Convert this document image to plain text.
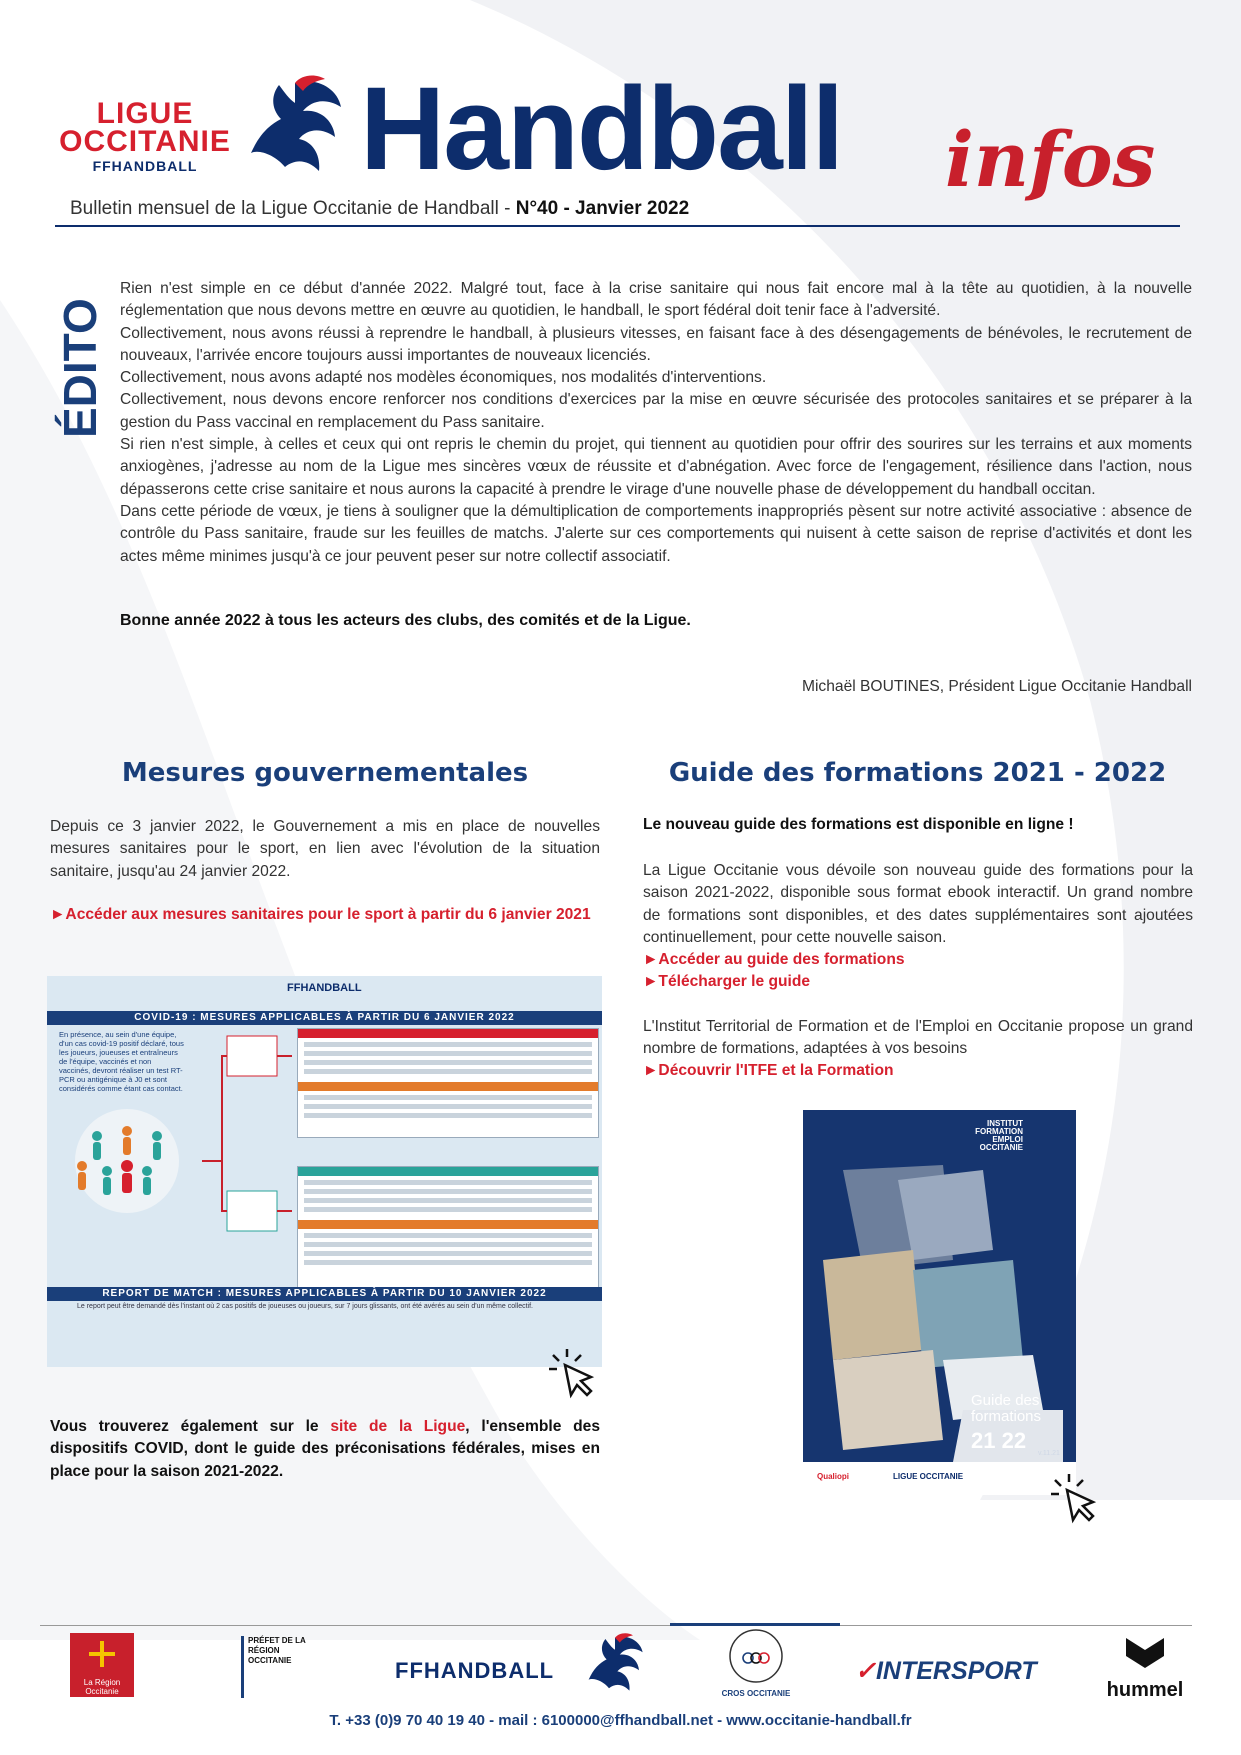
LIGUE
OCCITANIE
FFHANDBALL	Handball infos
Bulletin mensuel de la Ligue Occitanie de Handball - N°40 - Janvier 2022
ÉDITO

Rien n'est simple en ce début d'année 2022. Malgré tout, face à la crise sanitaire qui nous fait encore mal à la tête au quotidien, à la nouvelle réglementation que nous devons mettre en œuvre au quotidien, le handball, le sport fédéral doit tenir face à l'adversité.

Collectivement, nous avons réussi à reprendre le handball, à plusieurs vitesses, en faisant face à des désengagements de bénévoles, le recrutement de nouveaux, l'arrivée encore toujours aussi importantes de nouveaux licenciés.

Collectivement, nous avons adapté nos modèles économiques, nos modalités d'interventions.

Collectivement, nous devons encore renforcer nos conditions d'exercices par la mise en œuvre sécurisée des protocoles sanitaires et se préparer à la gestion du Pass vaccinal en remplacement du Pass sanitaire.

Si rien n'est simple, à celles et ceux qui ont repris le chemin du projet, qui tiennent au quotidien pour offrir des sourires sur les terrains et aux moments anxiogènes, j'adresse au nom de la Ligue mes sincères vœux de réussite et d'abnégation. Avec force de l'engagement, résilience dans l'action, nous dépasserons cette crise sanitaire et nous aurons la capacité à prendre le virage d'une nouvelle phase de développement du handball occitan.

Dans cette période de vœux, je tiens à souligner que la démultiplication de comportements inappropriés pèsent sur notre activité associative : absence de contrôle du Pass sanitaire, fraude sur les feuilles de matchs. J'alerte sur ces comportements qui nuisent à cette saison de reprise d'activités et dont les actes même minimes jusqu'à ce jour peuvent peser sur notre collectif associatif.

Bonne année 2022 à tous les acteurs des clubs, des comités et de la Ligue.
Michaël BOUTINES, Président Ligue Occitanie Handball
Mesures gouvernementales
Depuis ce 3 janvier 2022, le Gouvernement a mis en place de nouvelles mesures sanitaires pour le sport, en lien avec l'évolution de la situation sanitaire, jusqu'au 24 janvier 2022.
►Accéder aux mesures sanitaires pour le sport à partir du 6 janvier 2021
FFHANDBALL
COVID-19 : MESURES APPLICABLES À PARTIR DU 6 JANVIER 2022
En présence, au sein d'une équipe, d'un cas covid-19 positif déclaré, tous les joueurs, joueuses et entraîneurs de l'équipe, vaccinés et non vaccinés, devront réaliser un test RT-PCR ou antigénique à J0 et sont considérés comme étant cas contact.
REPORT DE MATCH : MESURES APPLICABLES À PARTIR DU 10 JANVIER 2022
Le report peut être demandé dès l'instant où 2 cas positifs de joueuses ou joueurs, sur 7 jours glissants, ont été avérés au sein d'un même collectif.
Vous trouverez également sur le site de la Ligue, l'ensemble des dispositifs COVID, dont le guide des préconisations fédérales, mises en place pour la saison 2021-2022.
Guide des formations 2021 - 2022
Le nouveau guide des formations est disponible en ligne !
La Ligue Occitanie vous dévoile son nouveau guide des formations pour la saison 2021-2022, disponible sous format ebook interactif. Un grand nombre de formations sont disponibles, et des dates supplémentaires sont ajoutées continuellement, pour cette nouvelle saison.
►Accéder au guide des formations
►Télécharger le guide
L'Institut Territorial de Formation et de l'Emploi en Occitanie propose un grand nombre de formations, adaptées à vos besoins
►Découvrir l'ITFE et la Formation
INSTITUT FORMATION EMPLOI OCCITANIE
Guide des
formations
21 22
v.11.21
Qualiopi	LIGUE OCCITANIE
La Région Occitanie
PRÉFET DE LA RÉGION OCCITANIE	FFHANDBALL
CROS OCCITANIE
✓INTERSPORT
hummel
T. +33 (0)9 70 40 19 40 - mail : 6100000@ffhandball.net - www.occitanie-handball.fr
